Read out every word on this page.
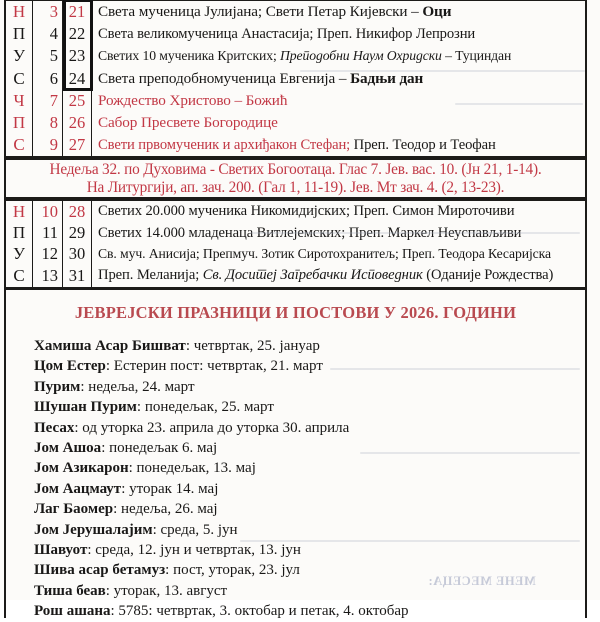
Н	3 21 Света мученица Јулијана; Свети Петар Кијевски – Оци
П	4 22 Света великомученица Анастасија; Преп. Никифор Лепрозни
У	5 23 Светих 10 мученика Критских; Преподобни Наум Охридски – Туциндан
С	6 24 Света преподобномученица Евгенија – Бадњи дан
Ч	7 25 Рождество Христово – Божић
П	8 26 Сабор Пресвете Богородице
С	9 27 Свети првомученик и архиђакон Стефан; Преп. Теодор и Теофан
Недеља 32. по Духовима - Светих Богоотаца. Глас 7. Јев. вас. 10. (Јн 21, 1-14).
На Литургији, ап. зач. 200. (Гал 1, 11-19). Јев. Мт зач. 4. (2, 13-23).
Н 10 28 Светих 20.000 мученика Никомидијских; Преп. Симон Мироточиви
П	11 29 Светих 14.000 младенаца Витлејемских; Преп. Маркел Неуспављиви
У 12 30 Св. муч. Анисија; Препмуч. Зотик Сиротохранитељ; Преп. Теодора Кесаријска
С	13 31 Преп. Меланија; Св. Доситеј Загребачки Исповедник (Оданије Рождества)
ЈЕВРЕЈСКИ ПРАЗНИЦИ И ПОСТОВИ У 2026. ГОДИНИ
Хамиша Асар Бишват: четвртак, 25. јануар
Цом Естер: Естерин пост: четвртак, 21. март
Пурим: недеља, 24. март
Шушан Пурим: понедељак, 25. март
Песах: од уторка 23. априла до уторка 30. априла
Јом Ашоа: понедељак 6. мај
Јом Азикарон: понедељак, 13. мај
Јом Аацмаут: уторак 14. мај
Лаг Баомер: недеља, 26. мај
Јом Јерушалајим: среда, 5. јун
Шавуот: среда, 12. јун и четвртак, 13. јун
Шива асар бетамуз: пост, уторак, 23. јул
Тиша беав: уторак, 13. август
Рош ашана: 5785: четвртак, 3. октобар и петак, 4. октобар
МЕНЕ МЕСЕЦА:
